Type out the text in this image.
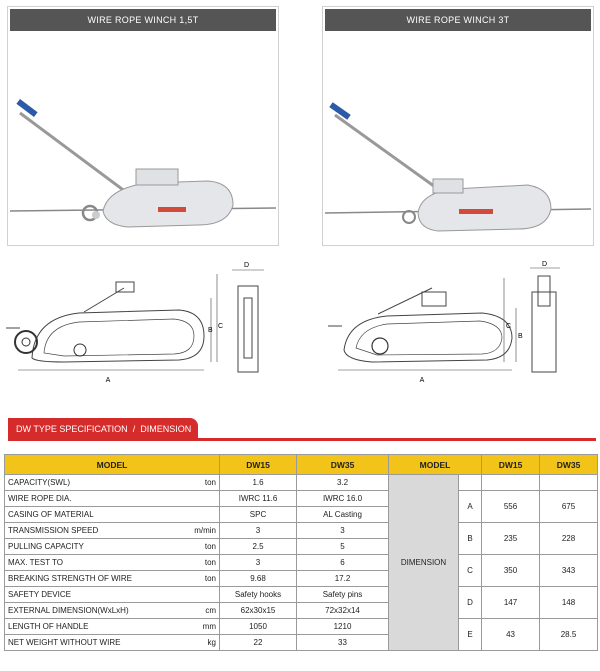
WIRE ROPE WINCH 1,5T	WIRE ROPE WINCH 3T
A
B
C
D
A
B
C
D
DW TYPE SPECIFICATION / DIMENSION
MODEL	DW15	DW35	MODEL		DW15	DW35
CAPACITY(SWL) ton	1.6	3.2	DIMENSION			
WIRE ROPE DIA.	IWRC 11.6	IWRC 16.0		A	556	675
CASING OF MATERIAL	SPC	AL Casting				
TRANSMISSION SPEED m/min	3	3		B	235	228
PULLING CAPACITY ton	2.5	5				
MAX. TEST TO ton	3	6		C	350	343
BREAKING STRENGTH OF WIRE ton	9.68	17.2				
SAFETY DEVICE	Safety hooks	Safety pins		D	147	148
EXTERNAL DIMENSION(WxLxH) cm	62x30x15	72x32x14				
LENGTH OF HANDLE mm	1050	1210		E	43	28.5
NET WEIGHT WITHOUT WIRE kg	22	33				
